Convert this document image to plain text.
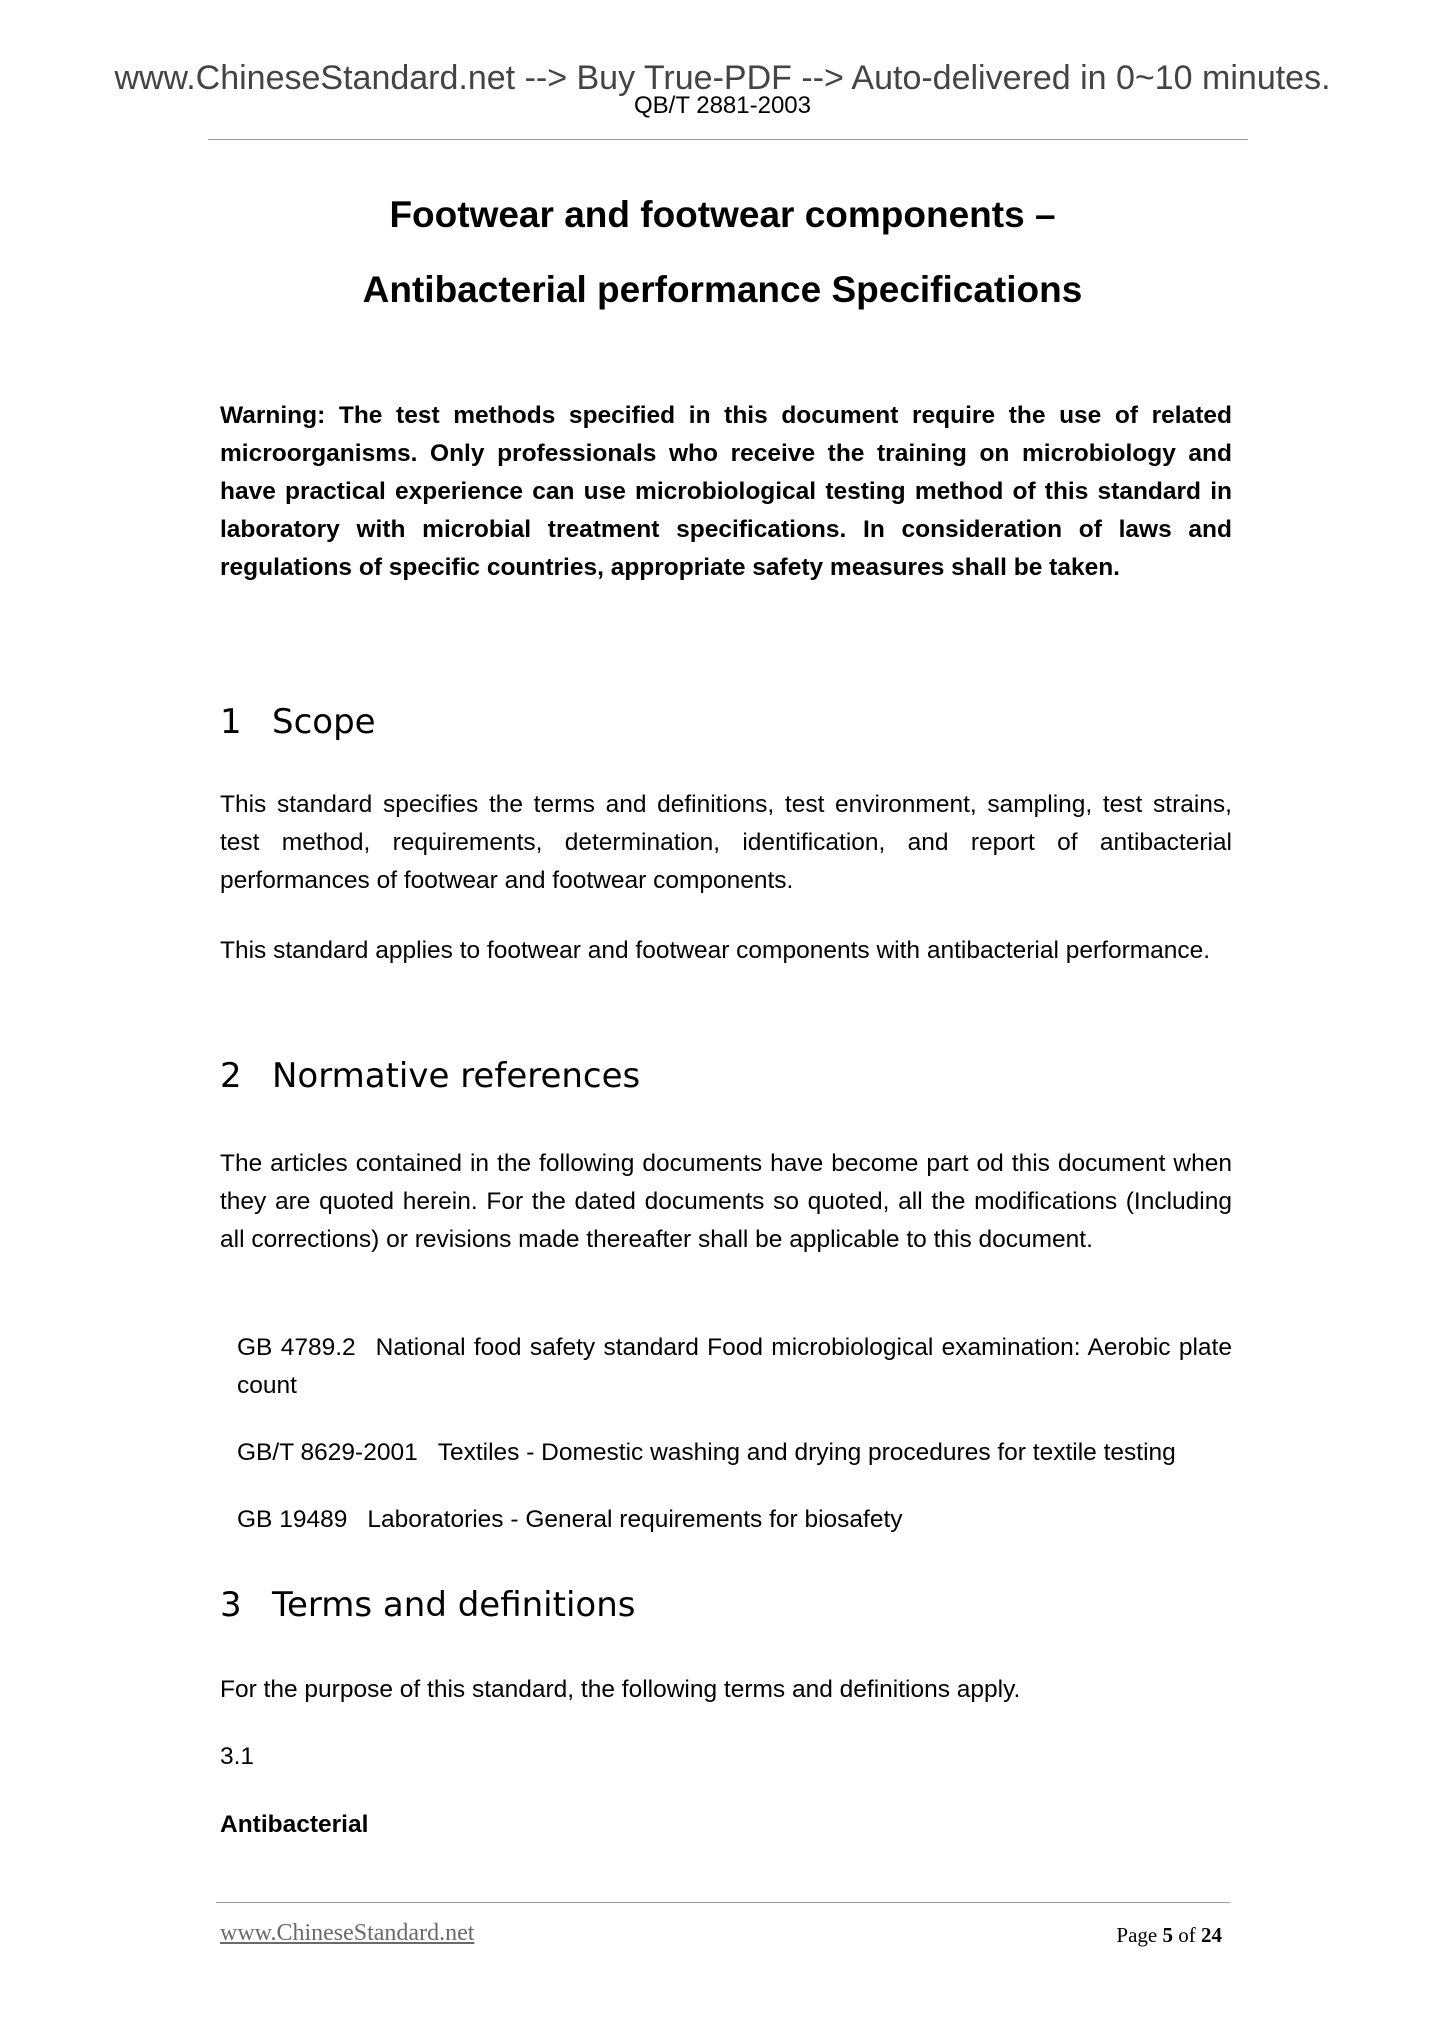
www.ChineseStandard.net --> Buy True-PDF --> Auto-delivered in 0~10 minutes.
QB/T 2881-2003
Footwear and footwear components –
Antibacterial performance Specifications
Warning: The test methods specified in this document require the use of related microorganisms. Only professionals who receive the training on microbiology and have practical experience can use microbiological testing method of this standard in laboratory with microbial treatment specifications. In consideration of laws and regulations of specific countries, appropriate safety measures shall be taken.
1 Scope
This standard specifies the terms and definitions, test environment, sampling, test strains, test method, requirements, determination, identification, and report of antibacterial performances of footwear and footwear components.
This standard applies to footwear and footwear components with antibacterial performance.
2 Normative references
The articles contained in the following documents have become part od this document when they are quoted herein. For the dated documents so quoted, all the modifications (Including all corrections) or revisions made thereafter shall be applicable to this document.
GB 4789.2 National food safety standard Food microbiological examination: Aerobic plate count
GB/T 8629-2001 Textiles - Domestic washing and drying procedures for textile testing
GB 19489 Laboratories - General requirements for biosafety
3 Terms and definitions
For the purpose of this standard, the following terms and definitions apply.
3.1
Antibacterial
www.ChineseStandard.net	Page 5 of 24
